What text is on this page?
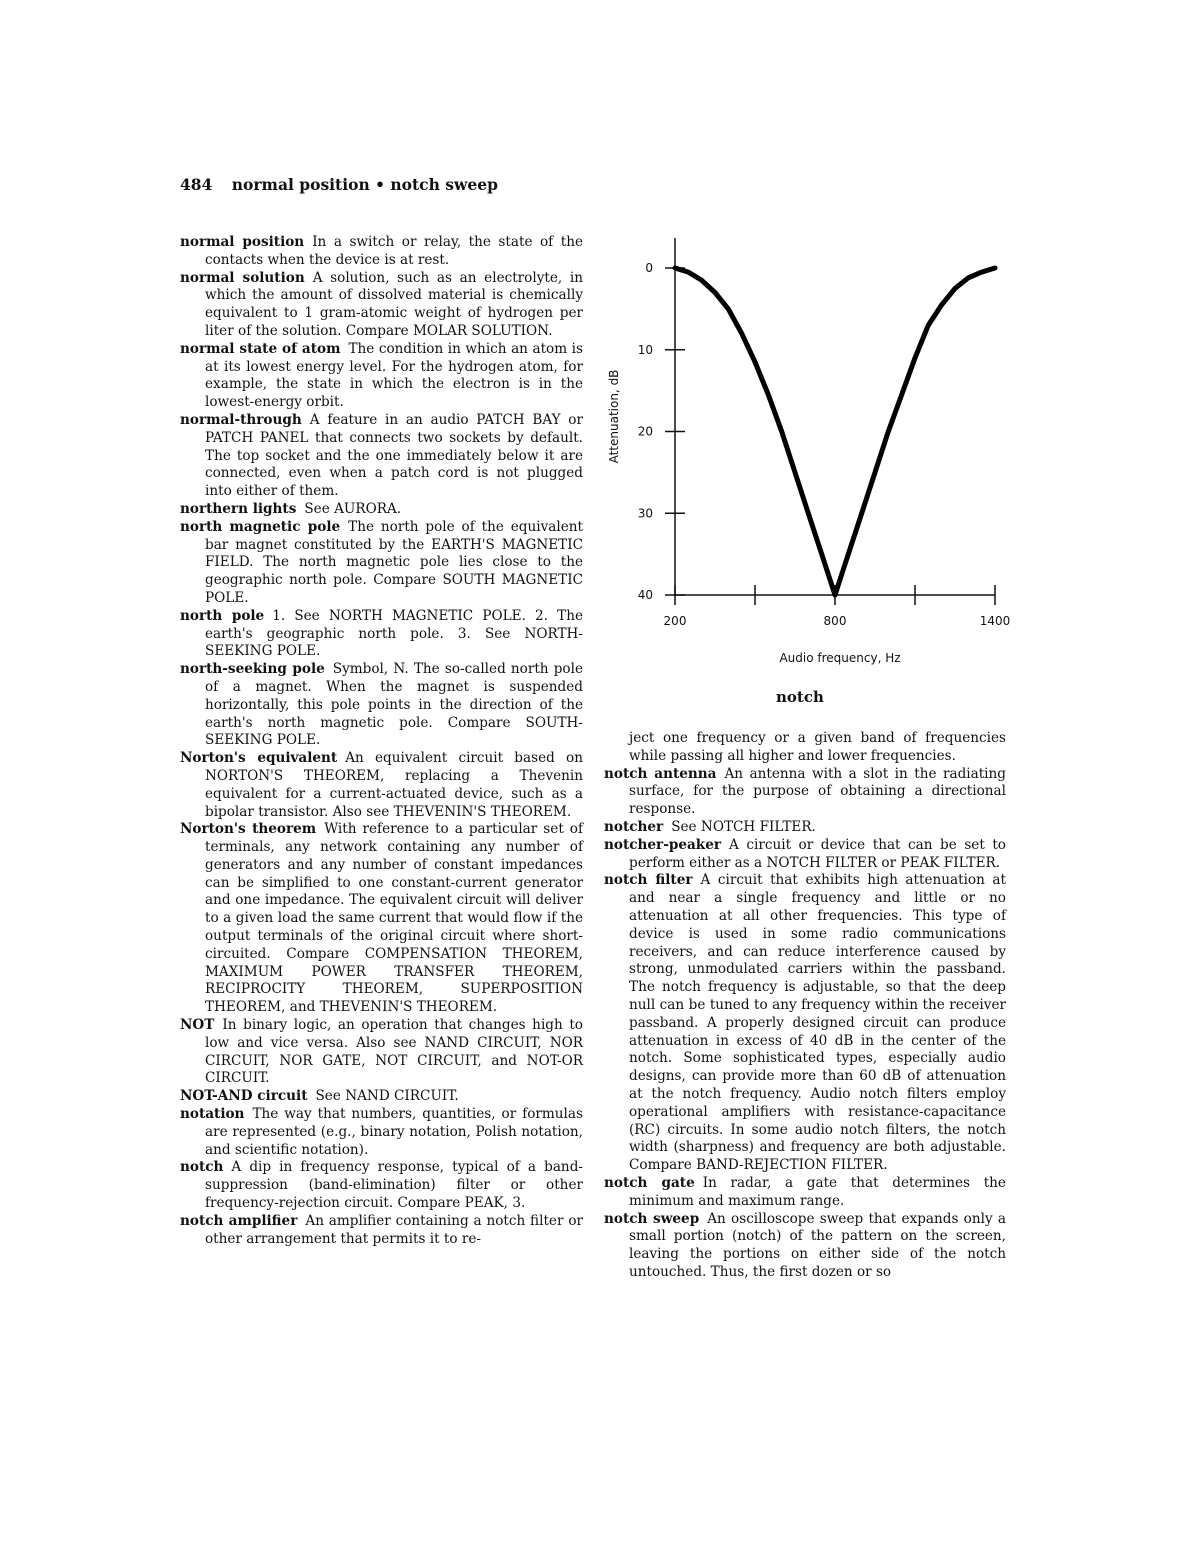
484 normal position • notch sweep

normal position In a switch or relay, the state of the contacts when the device is at rest.

normal solution A solution, such as an electrolyte, in which the amount of dissolved material is chemically equivalent to 1 gram-atomic weight of hydrogen per liter of the solution. Compare MOLAR SOLUTION.

normal state of atom The condition in which an atom is at its lowest energy level. For the hydrogen atom, for example, the state in which the electron is in the lowest-energy orbit.

normal-through A feature in an audio PATCH BAY or PATCH PANEL that connects two sockets by default. The top socket and the one immediately below it are connected, even when a patch cord is not plugged into either of them.

northern lights See AURORA.

north magnetic pole The north pole of the equivalent bar magnet constituted by the EARTH'S MAGNETIC FIELD. The north magnetic pole lies close to the geographic north pole. Compare SOUTH MAGNETIC POLE.

north pole 1. See NORTH MAGNETIC POLE. 2. The earth's geographic north pole. 3. See NORTH-SEEKING POLE.

north-seeking pole Symbol, N. The so-called north pole of a magnet. When the magnet is suspended horizontally, this pole points in the direction of the earth's north magnetic pole. Compare SOUTH-SEEKING POLE.

Norton's equivalent An equivalent circuit based on NORTON'S THEOREM, replacing a Thevenin equivalent for a current-actuated device, such as a bipolar transistor. Also see THEVENIN'S THEOREM.

Norton's theorem With reference to a particular set of terminals, any network containing any number of generators and any number of constant impedances can be simplified to one constant-current generator and one impedance. The equivalent circuit will deliver to a given load the same current that would flow if the output terminals of the original circuit where short-circuited. Compare COMPENSATION THEOREM, MAXIMUM POWER TRANSFER THEOREM, RECIPROCITY THEOREM, SUPERPOSITION THEOREM, and THEVENIN'S THEOREM.

NOT In binary logic, an operation that changes high to low and vice versa. Also see NAND CIRCUIT, NOR CIRCUIT, NOR GATE, NOT CIRCUIT, and NOT-OR CIRCUIT.

NOT-AND circuit See NAND CIRCUIT.

notation The way that numbers, quantities, or formulas are represented (e.g., binary notation, Polish notation, and scientific notation).

notch A dip in frequency response, typical of a band-suppression (band-elimination) filter or other frequency-rejection circuit. Compare PEAK, 3.

notch amplifier An amplifier containing a notch filter or other arrangement that permits it to re-

0
10
20
30
40
200	800	1400
Audio frequency, Hz
Attenuation, dB
notch

ject one frequency or a given band of frequencies while passing all higher and lower frequencies.

notch antenna An antenna with a slot in the radiating surface, for the purpose of obtaining a directional response.

notcher See NOTCH FILTER.

notcher-peaker A circuit or device that can be set to perform either as a NOTCH FILTER or PEAK FILTER.

notch filter A circuit that exhibits high attenuation at and near a single frequency and little or no attenuation at all other frequencies. This type of device is used in some radio communications receivers, and can reduce interference caused by strong, unmodulated carriers within the passband. The notch frequency is adjustable, so that the deep null can be tuned to any frequency within the receiver passband. A properly designed circuit can produce attenuation in excess of 40 dB in the center of the notch. Some sophisticated types, especially audio designs, can provide more than 60 dB of attenuation at the notch frequency. Audio notch filters employ operational amplifiers with resistance-capacitance (RC) circuits. In some audio notch filters, the notch width (sharpness) and frequency are both adjustable. Compare BAND-REJECTION FILTER.

notch gate In radar, a gate that determines the minimum and maximum range.

notch sweep An oscilloscope sweep that expands only a small portion (notch) of the pattern on the screen, leaving the portions on either side of the notch untouched. Thus, the first dozen or so
